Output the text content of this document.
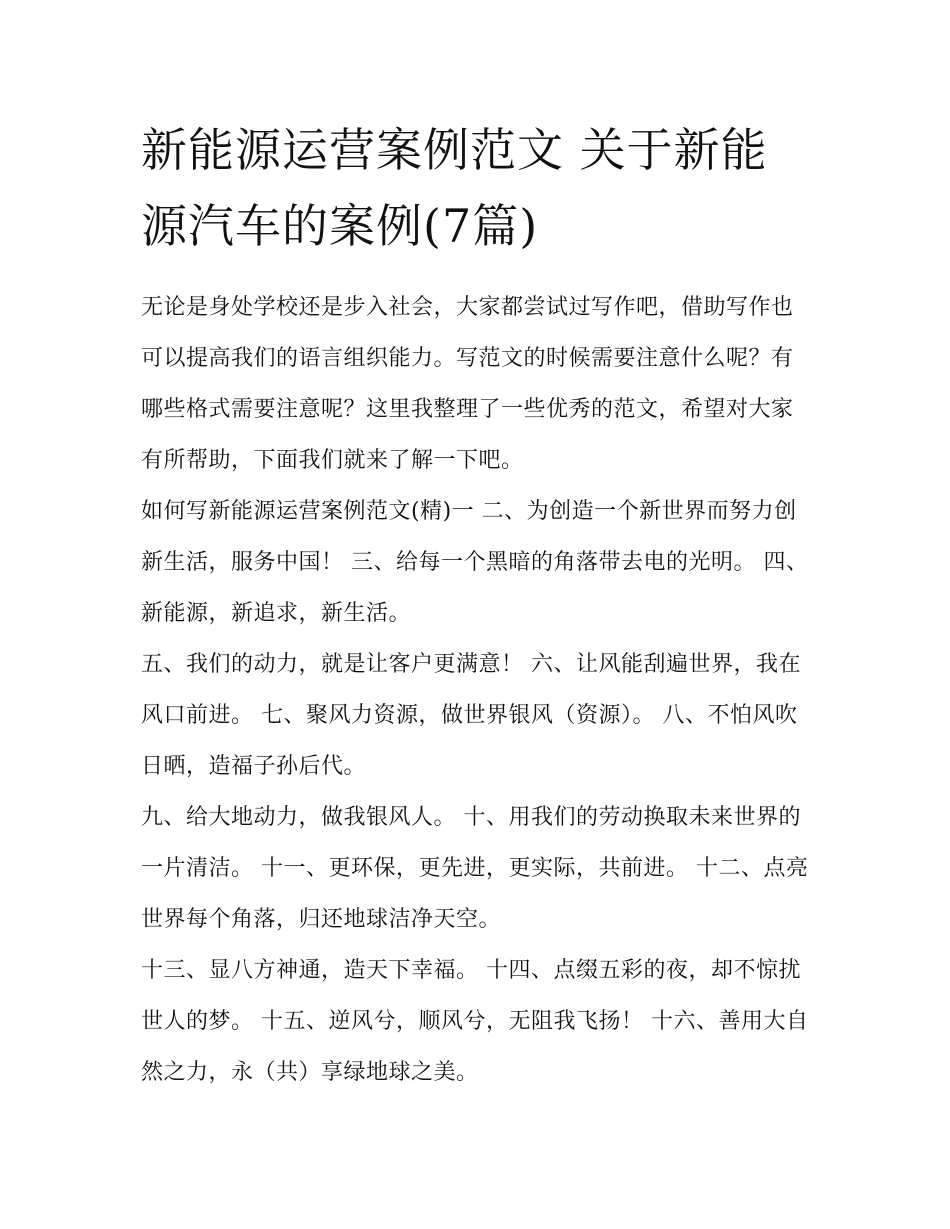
新能源运营案例范文 关于新能源汽车的案例(7篇)

无论是身处学校还是步入社会，大家都尝试过写作吧，借助写作也可以提高我们的语言组织能力。写范文的时候需要注意什么呢？有哪些格式需要注意呢？这里我整理了一些优秀的范文，希望对大家有所帮助，下面我们就来了解一下吧。

如何写新能源运营案例范文(精)一 二、为创造一个新世界而努力创新生活，服务中国！ 三、给每一个黑暗的角落带去电的光明。 四、新能源，新追求，新生活。

五、我们的动力，就是让客户更满意！ 六、让风能刮遍世界，我在风口前进。 七、聚风力资源，做世界银风（资源）。 八、不怕风吹日晒，造福子孙后代。

九、给大地动力，做我银风人。 十、用我们的劳动换取未来世界的一片清洁。 十一、更环保，更先进，更实际，共前进。 十二、点亮世界每个角落，归还地球洁净天空。

十三、显八方神通，造天下幸福。 十四、点缀五彩的夜，却不惊扰世人的梦。 十五、逆风兮，顺风兮，无阻我飞扬！ 十六、善用大自然之力，永（共）享绿地球之美。
